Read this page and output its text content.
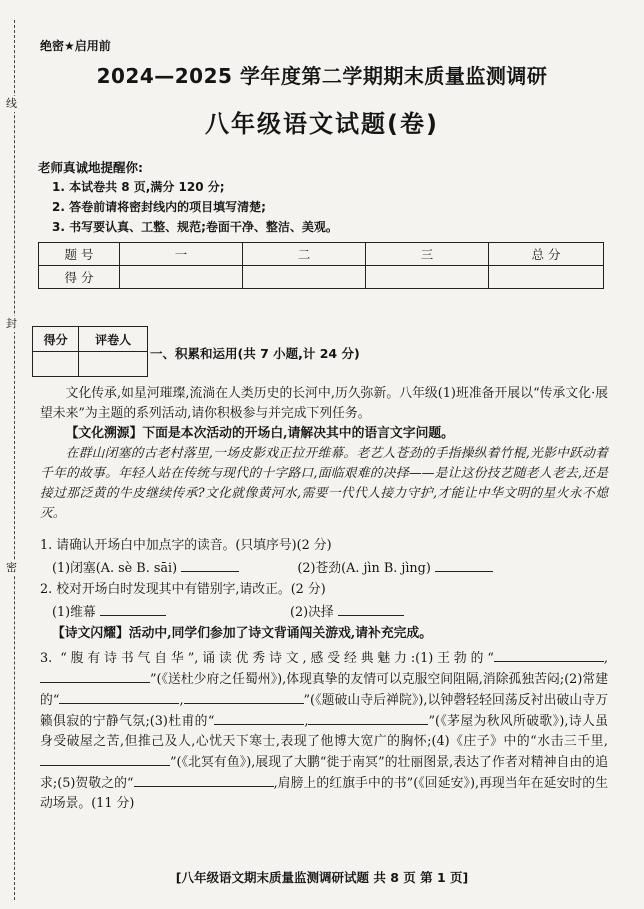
线
封
密
绝密★启用前
2024—2025 学年度第二学期期末质量监测调研
八年级语文试题(卷)
老师真诚地提醒你:
1. 本试卷共 8 页,满分 120 分;
2. 答卷前请将密封线内的项目填写清楚;
3. 书写要认真、工整、规范;卷面干净、整洁、美观。
题 号	一	二	三	总 分
得 分				
得分	评卷人

一、积累和运用(共 7 小题,计 24 分)

文化传承,如星河璀璨,流淌在人类历史的长河中,历久弥新。八年级(1)班准备开展以“传承文化·展望未来”为主题的系列活动,请你积极参与并完成下列任务。

【文化溯源】下面是本次活动的开场白,请解决其中的语言文字问题。

在群山闭塞的古老村落里,一场皮影戏正拉开维幕。老艺人苍劲的手指操纵着竹棍,光影中跃动着千年的故事。年轻人站在传统与现代的十字路口,面临艰难的决择——是让这份技艺随老人老去,还是接过那泛黄的牛皮继续传承?文化就像黄河水,需要一代代人接力守护,才能让中华文明的星火永不熄灭。

1. 请确认开场白中加点字的读音。(只填序号)(2 分)
(1)闭塞(A. sè B. sāi)	(2)苍劲(A. jìn B. jìng)
2. 校对开场白时发现其中有错别字,请改正。(2 分)
(1)维幕	(2)决择
【诗文闪耀】活动中,同学们参加了诗文背诵闯关游戏,请补充完成。

3. “腹有诗书气自华”,诵读优秀诗文,感受经典魅力:(1)王勃的“	,”(《送杜少府之任蜀州》),体现真挚的友情可以克服空间阻隔,消除孤独苦闷;(2)常建的“	,	”(《题破山寺后禅院》),以钟磬轻轻回荡反衬出破山寺万籁俱寂的宁静气氛;(3)杜甫的“	,	”(《茅屋为秋风所破歌》),诗人虽身受破屋之苦,但推己及人,心忧天下寒士,表现了他博大宽广的胸怀;(4)《庄子》中的“水击三千里,”(《北冥有鱼》),展现了大鹏“徙于南冥”的壮丽图景,表达了作者对精神自由的追求;(5)贺敬之的“	,肩膀上的红旗手中的书”(《回延安》),再现当年在延安时的生动场景。(11 分)

[八年级语文期末质量监测调研试题 共 8 页 第 1 页]
